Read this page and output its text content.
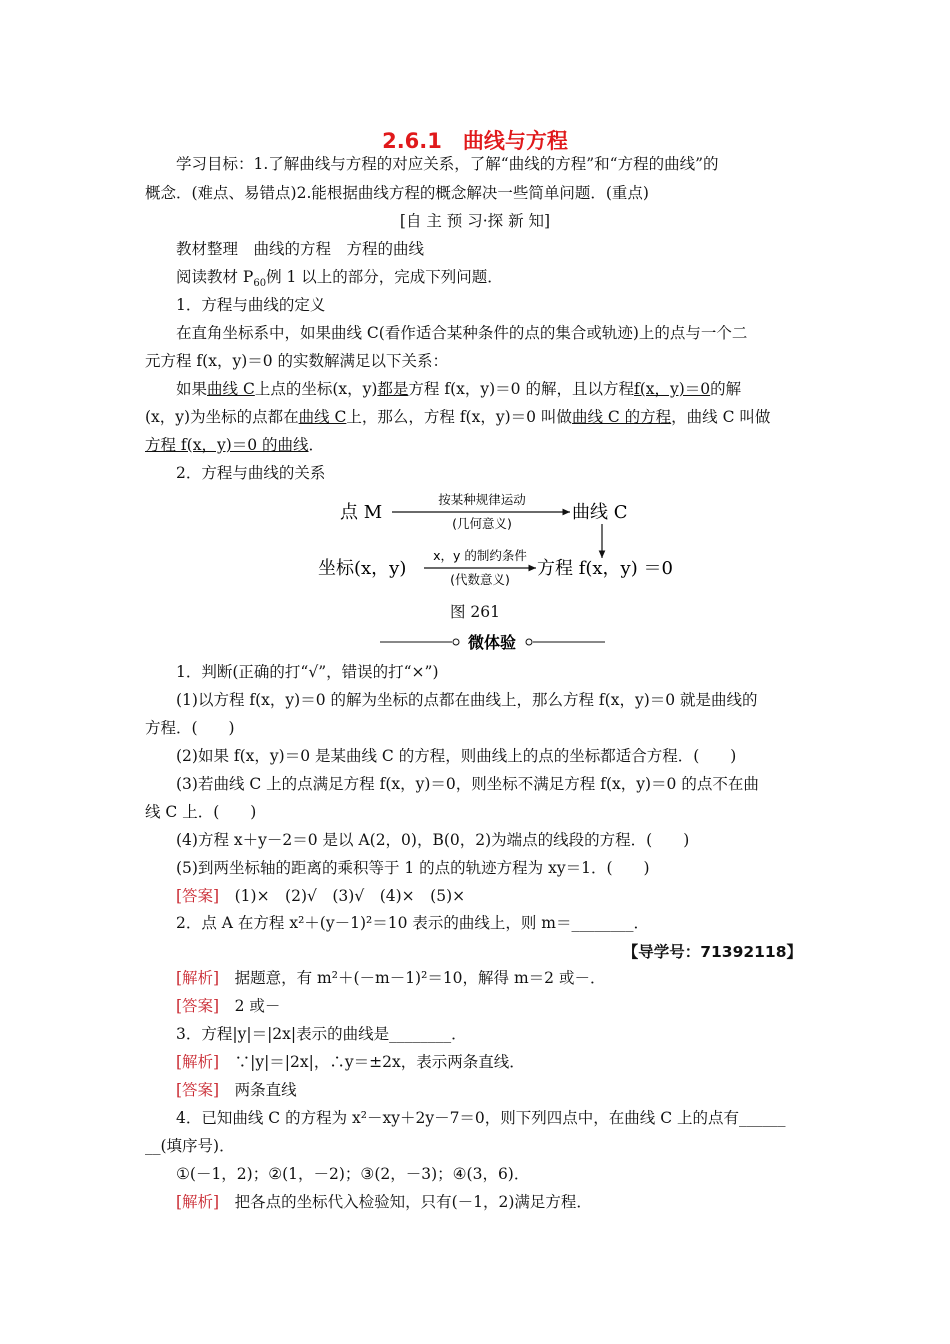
2.6.1　曲线与方程
学习目标：1.了解曲线与方程的对应关系，了解“曲线的方程”和“方程的曲线”的
概念．(难点、易错点)2.能根据曲线方程的概念解决一些简单问题．(重点)
[自 主 预 习·探 新 知]
教材整理　曲线的方程　方程的曲线
阅读教材 $P_{60}$例 1 以上的部分，完成下列问题．
1．方程与曲线的定义
在直角坐标系中，如果曲线 C(看作适合某种条件的点的集合或轨迹)上的点与一个二
元方程 f(x，y)＝0 的实数解满足以下关系：
如果曲线 C上点的坐标(x，y)都是方程 f(x，y)＝0 的解，且以方程f(x，y)＝0的解
(x，y)为坐标的点都在曲线 C上，那么，方程 f(x，y)＝0 叫做曲线 C 的方程，曲线 C 叫做
方程 f(x，y)＝0 的曲线．
2．方程与曲线的关系
点 M	曲线 C
按某种规律运动
(几何意义)
坐标(x，y)	方程 f(x，y) ＝0
x，y 的制约条件
(代数意义)
图 261
微体验
1．判断(正确的打“√”，错误的打“×”)
(1)以方程 f(x，y)＝0 的解为坐标的点都在曲线上，那么方程 f(x，y)＝0 就是曲线的
方程．(　　)
(2)如果 f(x，y)＝0 是某曲线 C 的方程，则曲线上的点的坐标都适合方程．(　　)
(3)若曲线 C 上的点满足方程 f(x，y)＝0，则坐标不满足方程 f(x，y)＝0 的点不在曲
线 C 上．(　　)
(4)方程 x＋y－2＝0 是以 A(2，0)，B(0，2)为端点的线段的方程．(　　)
(5)到两坐标轴的距离的乘积等于 1 的点的轨迹方程为 xy＝1．(　　)
[答案]　(1)×　(2)√　(3)√　(4)×　(5)×
2．点 A 在方程 x²＋(y－1)²＝10 表示的曲线上，则 m＝________．
【导学号：71392118】
[解析]　据题意，有 m²＋(－m－1)²＝10，解得 m＝2 或－．
[答案]　2 或－
3．方程|y|＝|2x|表示的曲线是________．
[解析]　∵|y|＝|2x|，∴y＝±2x，表示两条直线．
[答案]　两条直线
4．已知曲线 C 的方程为 x²－xy＋2y－7＝0，则下列四点中，在曲线 C 上的点有______
__(填序号)．
①(－1，2)；②(1，－2)；③(2，－3)；④(3，6)．
[解析]　把各点的坐标代入检验知，只有(－1，2)满足方程．
